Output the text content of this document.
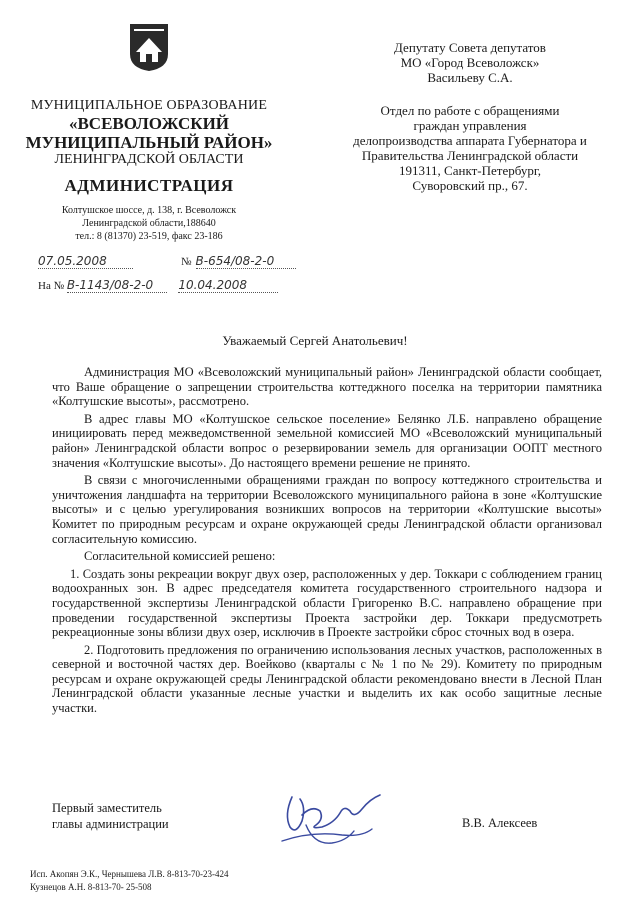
МУНИЦИПАЛЬНОЕ ОБРАЗОВАНИЕ
«ВСЕВОЛОЖСКИЙ
МУНИЦИПАЛЬНЫЙ РАЙОН»
ЛЕНИНГРАДСКОЙ ОБЛАСТИ
АДМИНИСТРАЦИЯ
Колтушское шоссе, д. 138, г. Всеволожск
Ленинградской области,188640
тел.: 8 (81370) 23-519, факс 23-186
07.05.2008	№ В-654/08-2-0
На № В-1143/08-2-0 10.04.2008
Депутату Совета депутатов
МО «Город Всеволожск»
Васильеву С.А.
Отдел по работе с обращениями
граждан управления
делопроизводства аппарата Губернатора и
Правительства Ленинградской области
191311, Санкт-Петербург,
Суворовский пр., 67.
Уважаемый Сергей Анатольевич!

Администрация МО «Всеволожский муниципальный район» Ленинградской области сообщает, что Ваше обращение о запрещении строительства коттеджного поселка на территории памятника «Колтушские высоты», рассмотрено.

В адрес главы МО «Колтушское сельское поселение» Белянко Л.Б. направлено обращение инициировать перед межведомственной земельной комиссией МО «Всеволожский муниципальный район» Ленинградской области вопрос о резервировании земель для организации ООПТ местного значения «Колтушские высоты». До настоящего времени решение не принято.

В связи с многочисленными обращениями граждан по вопросу коттеджного строительства и уничтожения ландшафта на территории Всеволожского муниципального района в зоне «Колтушские высоты» и с целью урегулирования возникших вопросов на территории «Колтушские высоты» Комитет по природным ресурсам и охране окружающей среды Ленинградской области организовал согласительную комиссию.

Согласительной комиссией решено:

1. Создать зоны рекреации вокруг двух озер, расположенных у дер. Токкари с соблюдением границ водоохранных зон. В адрес председателя комитета государственного строительного надзора и государственной экспертизы Ленинградской области Григоренко В.С. направлено обращение при проведении государственной экспертизы Проекта застройки дер. Токкари предусмотреть рекреационные зоны вблизи двух озер, исключив в Проекте застройки сброс сточных вод в озера.

2. Подготовить предложения по ограничению использования лесных участков, расположенных в северной и восточной частях дер. Воейково (кварталы с № 1 по № 29). Комитету по природным ресурсам и охране окружающей среды Ленинградской области рекомендовано внести в Лесной План Ленинградской области указанные лесные участки и выделить их как особо защитные лесные участки.

Первый заместитель
главы администрации	В.В. Алексеев
Исп. Акопян Э.К., Чернышева Л.В. 8-813-70-23-424
Кузнецов А.Н. 8-813-70- 25-508
